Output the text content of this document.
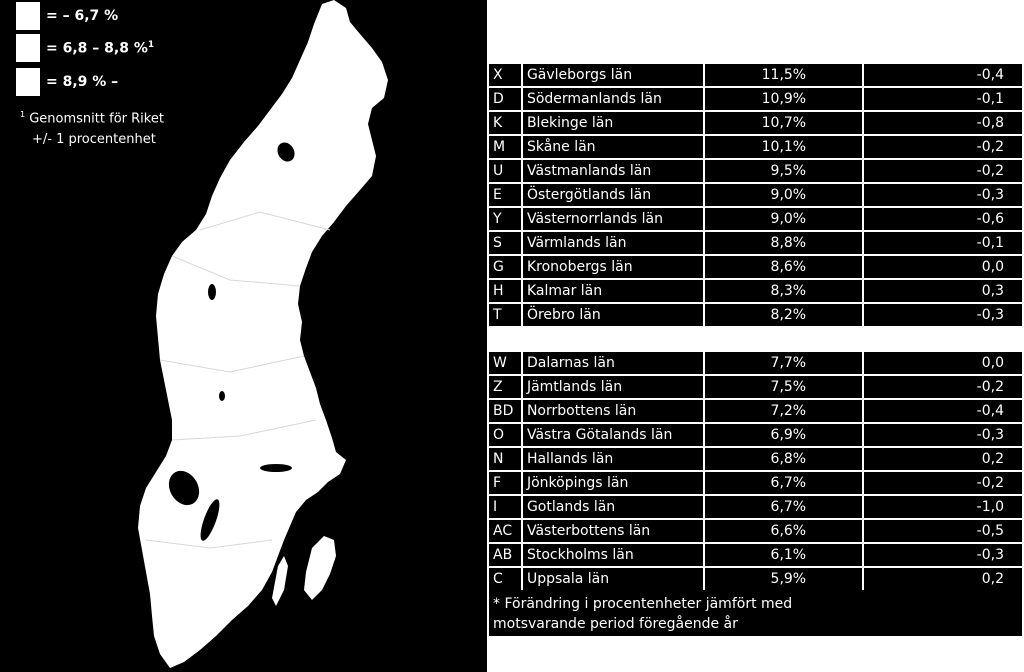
AB
= – 6,7 %
= 6,8 – 8,8 %$^1$
= 8,9 % –
$^1$ Genomsnitt för Riket
+/- 1 procentenhet
X	Gävleborgs län	11,5%	-0,4
D	Södermanlands län	10,9%	-0,1
K	Blekinge län	10,7%	-0,8
M	Skåne län	10,1%	-0,2
U	Västmanlands län	9,5%	-0,2
E	Östergötlands län	9,0%	-0,3
Y	Västernorrlands län	9,0%	-0,6
S	Värmlands län	8,8%	-0,1
G	Kronobergs län	8,6%	0,0
H	Kalmar län	8,3%	0,3
T	Örebro län	8,2%	-0,3

W	Dalarnas län	7,7%	0,0
Z	Jämtlands län	7,5%	-0,2
BD	Norrbottens län	7,2%	-0,4
O	Västra Götalands län	6,9%	-0,3
N	Hallands län	6,8%	0,2
F	Jönköpings län	6,7%	-0,2
I	Gotlands län	6,7%	-1,0
AC	Västerbottens län	6,6%	-0,5
AB	Stockholms län	6,1%	-0,3
C	Uppsala län	5,9%	0,2
* Förändring i procentenheter jämfört med
motsvarande period föregående år
